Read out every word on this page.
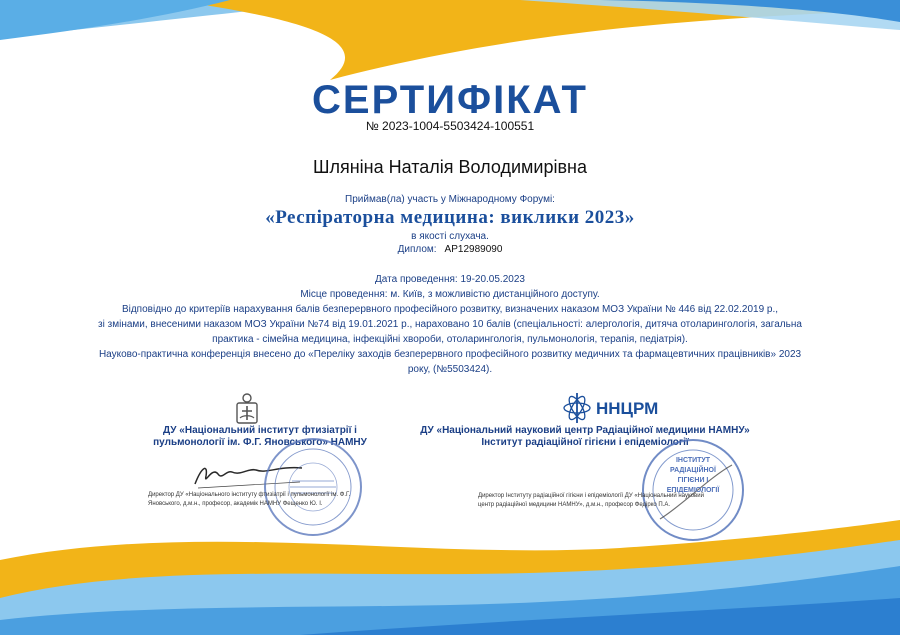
СЕРТИФІКАТ
№ 2023-1004-5503424-100551
Шляніна Наталія Володимирівна
Приймав(ла) участь у Міжнародному Форумі:
«Респіраторна медицина: виклики 2023»
в якості слухача.
Диплом: AP12989090
Дата проведення: 19-20.05.2023
Місце проведення: м. Київ, з можливістю дистанційного доступу.
Відповідно до критеріїв нарахування балів безперервного професійного розвитку, визначених наказом МОЗ України № 446 від 22.02.2019 р.,
зі змінами, внесеними наказом МОЗ України №74 від 19.01.2021 р., нараховано 10 балів (спеціальності: алергологія, дитяча отоларингологія, загальна
практика - сімейна медицина, інфекційні хвороби, отоларингологія, пульмонологія, терапія, педіатрія).
Науково-практична конференція внесено до «Переліку заходів безперервного професійного розвитку медичних та фармацевтичних працівників» 2023
року, (№5503424).
ДУ «Національний інститут фтизіатрії і
пульмонології ім. Ф.Г. Яновського» НАМНУ
Директор ДУ «Національного інституту фтизіатрії і пульмонології ім. Ф.Г.
Яновського, д.м.н., професор, академік НАМНУ Фещенко Ю. І.
ННЦРМ
ДУ «Національний науковий центр Радіаційної медицини НАМНУ»
Інститут радіаційної гігієни і епідеміології
ІНСТИТУТ
РАДІАЦІЙНОЇ
ГІГІЄНИ І
ЕПІДЕМІОЛОГІЇ
Директор Інституту радіаційної гігієни і епідеміології ДУ «Національний науковий
центр радіаційної медицини НАМНУ», д.м.н., професор Федірко П.А.
